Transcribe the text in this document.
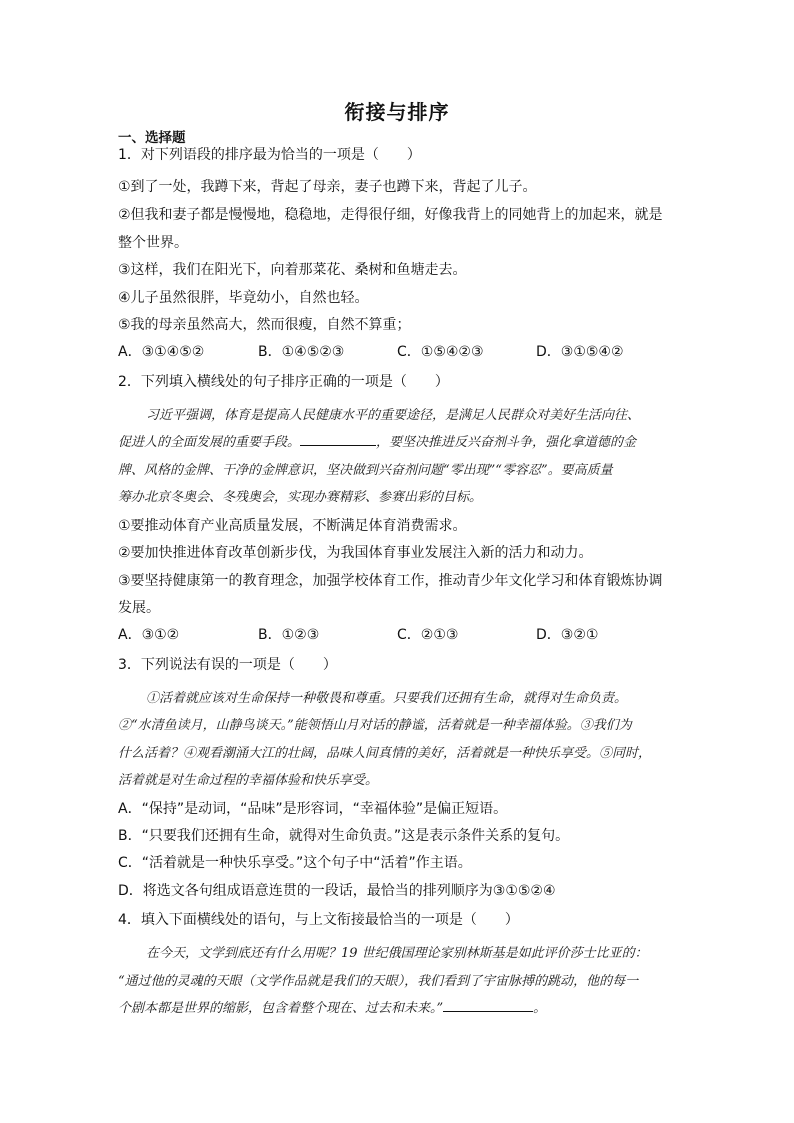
衔接与排序
一、选择题
1．对下列语段的排序最为恰当的一项是（　　）
①到了一处，我蹲下来，背起了母亲，妻子也蹲下来，背起了儿子。
②但我和妻子都是慢慢地，稳稳地，走得很仔细，好像我背上的同她背上的加起来，就是
整个世界。
③这样，我们在阳光下，向着那菜花、桑树和鱼塘走去。
④儿子虽然很胖，毕竟幼小，自然也轻。
⑤我的母亲虽然高大，然而很瘦，自然不算重；
A．③①④⑤②	B．①④⑤②③	C．①⑤④②③	D．③①⑤④②
2．下列填入横线处的句子排序正确的一项是（　　）
习近平强调，体育是提高人民健康水平的重要途径，是满足人民群众对美好生活向往、
促进人的全面发展的重要手段。	，要坚决推进反兴奋剂斗争，强化拿道德的金
牌、风格的金牌、干净的金牌意识，坚决做到兴奋剂问题“零出现”“零容忍”。要高质量
筹办北京冬奥会、冬残奥会，实现办赛精彩、参赛出彩的目标。
①要推动体育产业高质量发展，不断满足体育消费需求。
②要加快推进体育改革创新步伐，为我国体育事业发展注入新的活力和动力。
③要坚持健康第一的教育理念，加强学校体育工作，推动青少年文化学习和体育锻炼协调
发展。
A．③①②	B．①②③	C．②①③	D．③②①
3．下列说法有误的一项是（　　）
①活着就应该对生命保持一种敬畏和尊重。只要我们还拥有生命，就得对生命负责。
②“水清鱼读月，山静鸟谈天。”能领悟山月对话的静谧，活着就是一种幸福体验。③我们为
什么活着？④观看潮涌大江的壮阔，品味人间真情的美好，活着就是一种快乐享受。⑤同时，
活着就是对生命过程的幸福体验和快乐享受。
A．“保持”是动词，“品味”是形容词，“幸福体验”是偏正短语。
B．“只要我们还拥有生命，就得对生命负责。”这是表示条件关系的复句。
C．“活着就是一种快乐享受。”这个句子中“活着”作主语。
D．将选文各句组成语意连贯的一段话，最恰当的排列顺序为③①⑤②④
4．填入下面横线处的语句，与上文衔接最恰当的一项是（　　）
在今天，文学到底还有什么用呢？19 世纪俄国理论家别林斯基是如此评价莎士比亚的：
“通过他的灵魂的天眼（文学作品就是我们的天眼），我们看到了宇宙脉搏的跳动，他的每一
个剧本都是世界的缩影，包含着整个现在、过去和未来。”	。
